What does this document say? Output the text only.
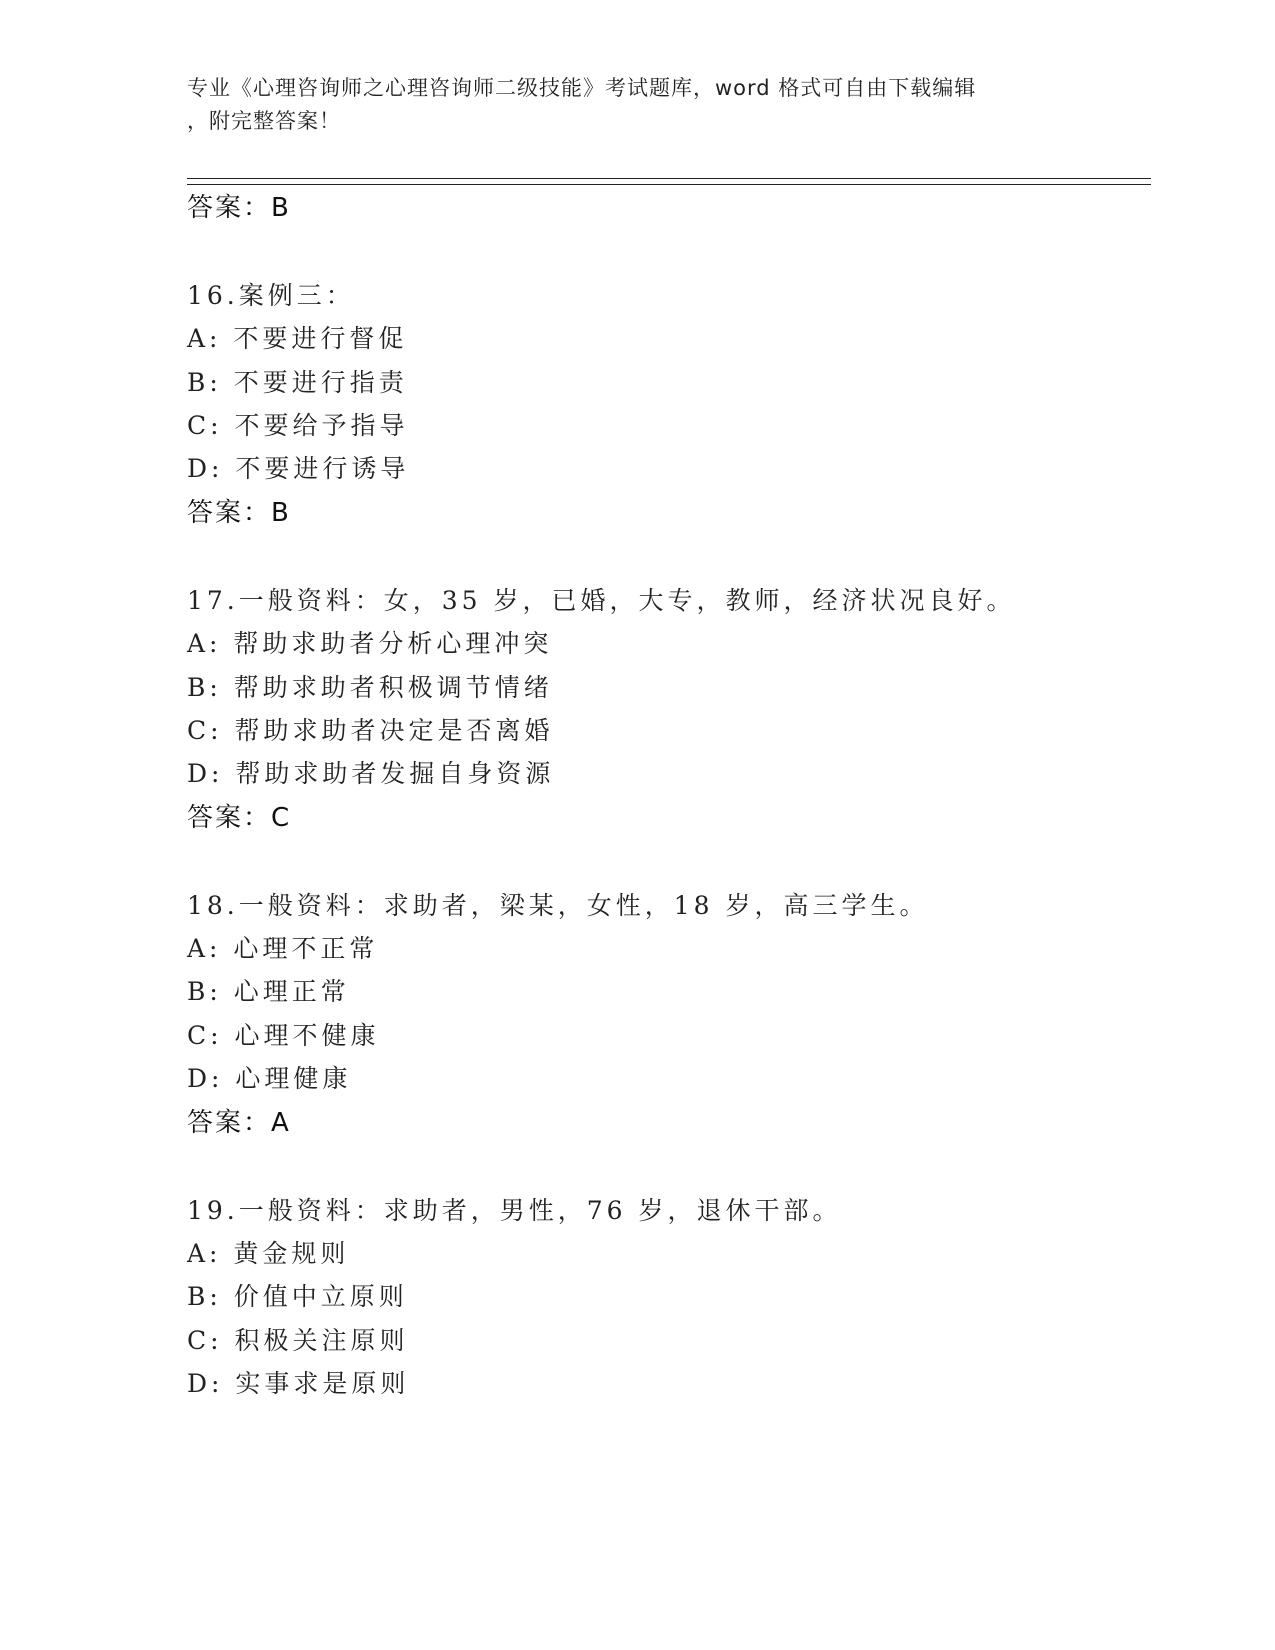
专业《心理咨询师之心理咨询师二级技能》考试题库，word 格式可自由下载编辑
，附完整答案！
答案：B
16.案例三：
A: 不要进行督促
B: 不要进行指责
C: 不要给予指导
D: 不要进行诱导
答案：B
17.一般资料：女，35 岁，已婚，大专，教师，经济状况良好。
A: 帮助求助者分析心理冲突
B: 帮助求助者积极调节情绪
C: 帮助求助者决定是否离婚
D: 帮助求助者发掘自身资源
答案：C
18.一般资料：求助者，梁某，女性，18 岁，高三学生。
A: 心理不正常
B: 心理正常
C: 心理不健康
D: 心理健康
答案：A
19.一般资料：求助者，男性，76 岁，退休干部。
A: 黄金规则
B: 价值中立原则
C: 积极关注原则
D: 实事求是原则
